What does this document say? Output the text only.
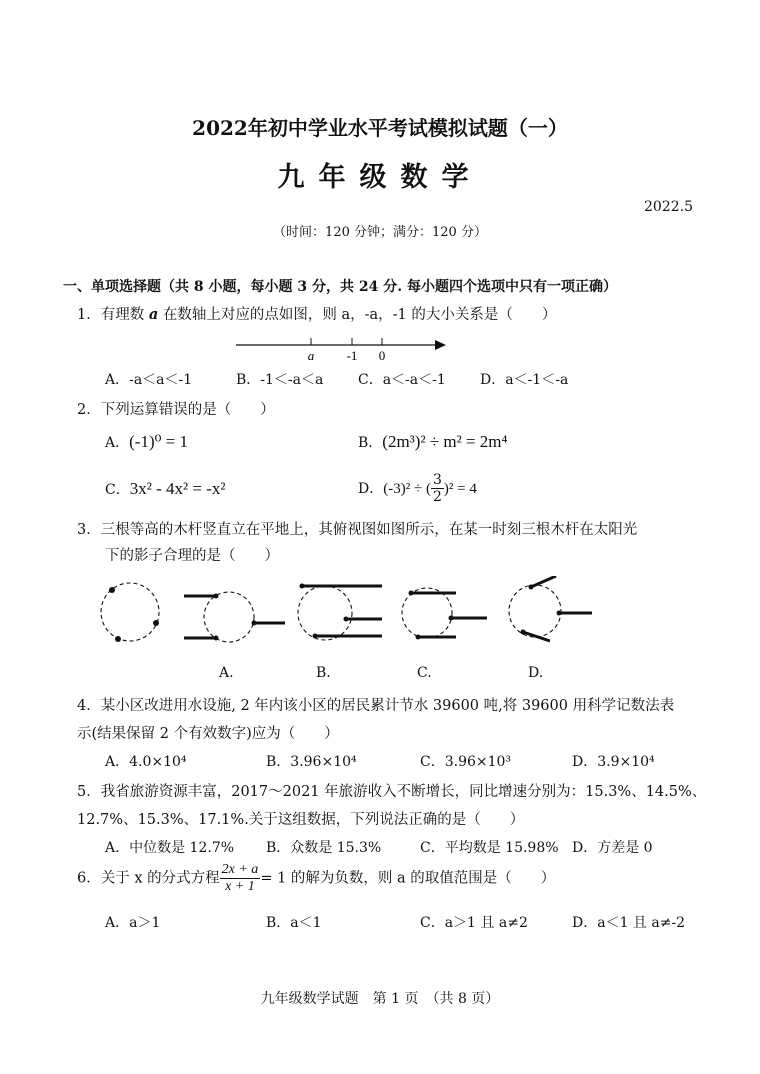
2022年初中学业水平考试模拟试题（一）
九年级数学
2022.5
（时间：120 分钟；满分：120 分）
一、单项选择题（共 8 小题，每小题 3 分，共 24 分. 每小题四个选项中只有一项正确）
1．有理数 a 在数轴上对应的点如图，则 a，-a，-1 的大小关系是（　　）
a -1 0
A．-a＜a＜-1	B．-1＜-a＜a C．a＜-a＜-1 D．a＜-1＜-a
2．下列运算错误的是（　　）
A．(-1)⁰ = 1	B．(2m³)² ÷ m² = 2m⁴
C．3x² - 4x² = -x²	D．(-3)² ÷ ( $\frac{3}{2} )^2 = 4$
3．三根等高的木杆竖直立在平地上，其俯视图如图所示，在某一时刻三根木杆在太阳光
下的影子合理的是（　　）
A.	B.	C.	D.
4．某小区改进用水设施, 2 年内该小区的居民累计节水 39600 吨,将 39600 用科学记数法表
示(结果保留 2 个有效数字)应为（　　）
A．4.0×10⁴	B．3.96×10⁴	C．3.96×10³	D．3.9×10⁴
5．我省旅游资源丰富，2017～2021 年旅游收入不断增长，同比增速分别为：15.3%、14.5%、
12.7%、15.3%、17.1%.关于这组数据，下列说法正确的是（　　）
A．中位数是 12.7% B．众数是 15.3%	C．平均数是 15.98% D．方差是 0
6．关于 x 的分式方程 $\frac{2x + a}{x + 1} = 1$ 的解为负数，则 a 的取值范围是（　　）
A．a＞1	B．a＜1	C．a＞1 且 a≠2	D．a＜1 且 a≠-2
九年级数学试题　第 1 页　（共 8 页）
